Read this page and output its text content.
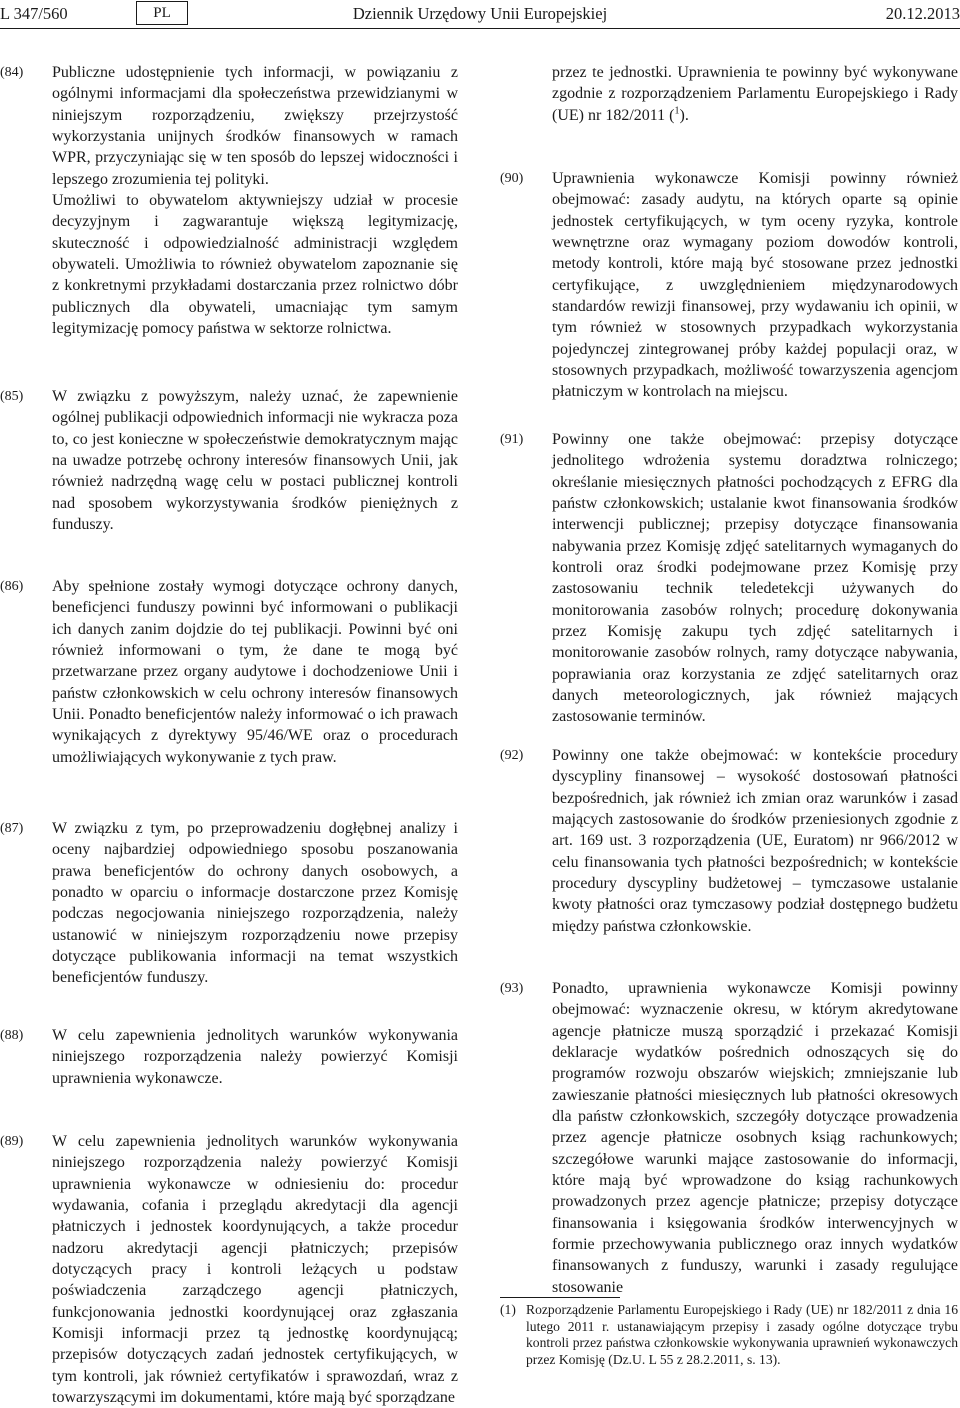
L 347/560	PL	Dziennik Urzędowy Unii Europejskiej	20.12.2013
(84)	Publiczne udostępnienie tych informacji, w powiązaniu z ogólnymi informacjami dla społeczeństwa przewidzianymi w niniejszym rozporządzeniu, zwiększy przejrzystość wykorzystania unijnych środków finansowych w ramach WPR, przyczyniając się w ten sposób do lepszej widoczności i lepszego zrozumienia tej polityki.

Umożliwi to obywatelom aktywniejszy udział w procesie decyzyjnym i zagwarantuje większą legitymizację, skuteczność i odpowiedzialność administracji względem obywateli. Umożliwia to również obywatelom zapoznanie się z konkretnymi przykładami dostarczania przez rolnictwo dóbr publicznych dla obywateli, umacniając tym samym legitymizację pomocy państwa w sektorze rolnictwa.

(85)	W związku z powyższym, należy uznać, że zapewnienie ogólnej publikacji odpowiednich informacji nie wykracza poza to, co jest konieczne w społeczeństwie demokratycznym mając na uwadze potrzebę ochrony interesów finansowych Unii, jak również nadrzędną wagę celu w postaci publicznej kontroli nad sposobem wykorzystywania środków pieniężnych z funduszy.

(86)	Aby spełnione zostały wymogi dotyczące ochrony danych, beneficjenci funduszy powinni być informowani o publikacji ich danych zanim dojdzie do tej publikacji. Powinni być oni również informowani o tym, że dane te mogą być przetwarzane przez organy audytowe i dochodzeniowe Unii i państw członkowskich w celu ochrony interesów finansowych Unii. Ponadto beneficjentów należy informować o ich prawach wynikających z dyrektywy 95/46/WE oraz o procedurach umożliwiających wykonywanie z tych praw.

(87)	W związku z tym, po przeprowadzeniu dogłębnej analizy i oceny najbardziej odpowiedniego sposobu poszanowania prawa beneficjentów do ochrony danych osobowych, a ponadto w oparciu o informacje dostarczone przez Komisję podczas negocjowania niniejszego rozporządzenia, należy ustanowić w niniejszym rozporządzeniu nowe przepisy dotyczące publikowania informacji na temat wszystkich beneficjentów funduszy.

(88)	W celu zapewnienia jednolitych warunków wykonywania niniejszego rozporządzenia należy powierzyć Komisji uprawnienia wykonawcze.

(89)	W celu zapewnienia jednolitych warunków wykonywania niniejszego rozporządzenia należy powierzyć Komisji uprawnienia wykonawcze w odniesieniu do: procedur wydawania, cofania i przeglądu akredytacji dla agencji płatniczych i jednostek koordynujących, a także procedur nadzoru akredytacji agencji płatniczych; przepisów dotyczących pracy i kontroli leżących u podstaw poświadczenia zarządczego agencji płatniczych, funkcjonowania jednostki koordynującej oraz zgłaszania Komisji informacji przez tą jednostkę koordynującą; przepisów dotyczących zadań jednostek certyfikujących, w tym kontroli, jak również certyfikatów i sprawozdań, wraz z towarzyszącymi im dokumentami, które mają być sporządzane

przez te jednostki. Uprawnienia te powinny być wykonywane zgodnie z rozporządzeniem Parlamentu Europejskiego i Rady (UE) nr 182/2011 ($^1$).

(90)	Uprawnienia wykonawcze Komisji powinny również obejmować: zasady audytu, na których oparte są opinie jednostek certyfikujących, w tym oceny ryzyka, kontrole wewnętrzne oraz wymagany poziom dowodów kontroli, metody kontroli, które mają być stosowane przez jednostki certyfikujące, z uwzględnieniem międzynarodowych standardów rewizji finansowej, przy wydawaniu ich opinii, w tym również w stosownych przypadkach wykorzystania pojedynczej zintegrowanej próby każdej populacji oraz, w stosownych przypadkach, możliwość towarzyszenia agencjom płatniczym w kontrolach na miejscu.

(91)	Powinny one także obejmować: przepisy dotyczące jednolitego wdrożenia systemu doradztwa rolniczego; określanie miesięcznych płatności pochodzących z EFRG dla państw członkowskich; ustalanie kwot finansowania środków interwencji publicznej; przepisy dotyczące finansowania nabywania przez Komisję zdjęć satelitarnych wymaganych do kontroli oraz środki podejmowane przez Komisję przy zastosowaniu technik teledetekcji używanych do monitorowania zasobów rolnych; procedurę dokonywania przez Komisję zakupu tych zdjęć satelitarnych i monitorowanie zasobów rolnych, ramy dotyczące nabywania, poprawiania oraz korzystania ze zdjęć satelitarnych oraz danych meteorologicznych, jak również mających zastosowanie terminów.

(92)	Powinny one także obejmować: w kontekście procedury dyscypliny finansowej – wysokość dostosowań płatności bezpośrednich, jak również ich zmian oraz warunków i zasad mających zastosowanie do środków przeniesionych zgodnie z art. 169 ust. 3 rozporządzenia (UE, Euratom) nr 966/2012 w celu finansowania tych płatności bezpośrednich; w kontekście procedury dyscypliny budżetowej – tymczasowe ustalanie kwoty płatności oraz tymczasowy podział dostępnego budżetu między państwa członkowskie.

(93)	Ponadto, uprawnienia wykonawcze Komisji powinny obejmować: wyznaczenie okresu, w którym akredytowane agencje płatnicze muszą sporządzić i przekazać Komisji deklaracje wydatków pośrednich odnoszących się do programów rozwoju obszarów wiejskich; zmniejszanie lub zawieszanie płatności miesięcznych lub płatności okresowych dla państw członkowskich, szczegóły dotyczące prowadzenia przez agencje płatnicze osobnych ksiąg rachunkowych; szczegółowe warunki mające zastosowanie do informacji, które mają być wprowadzone do ksiąg rachunkowych prowadzonych przez agencje płatnicze; przepisy dotyczące finansowania i księgowania środków interwencyjnych w formie przechowywania publicznego oraz innych wydatków finansowanych z funduszy, warunki i zasady regulujące stosowanie

(1) Rozporządzenie Parlamentu Europejskiego i Rady (UE) nr 182/2011 z dnia 16 lutego 2011 r. ustanawiającym przepisy i zasady ogólne dotyczące trybu kontroli przez państwa członkowskie wykonywania uprawnień wykonawczych przez Komisję (Dz.U. L 55 z 28.2.2011, s. 13).
